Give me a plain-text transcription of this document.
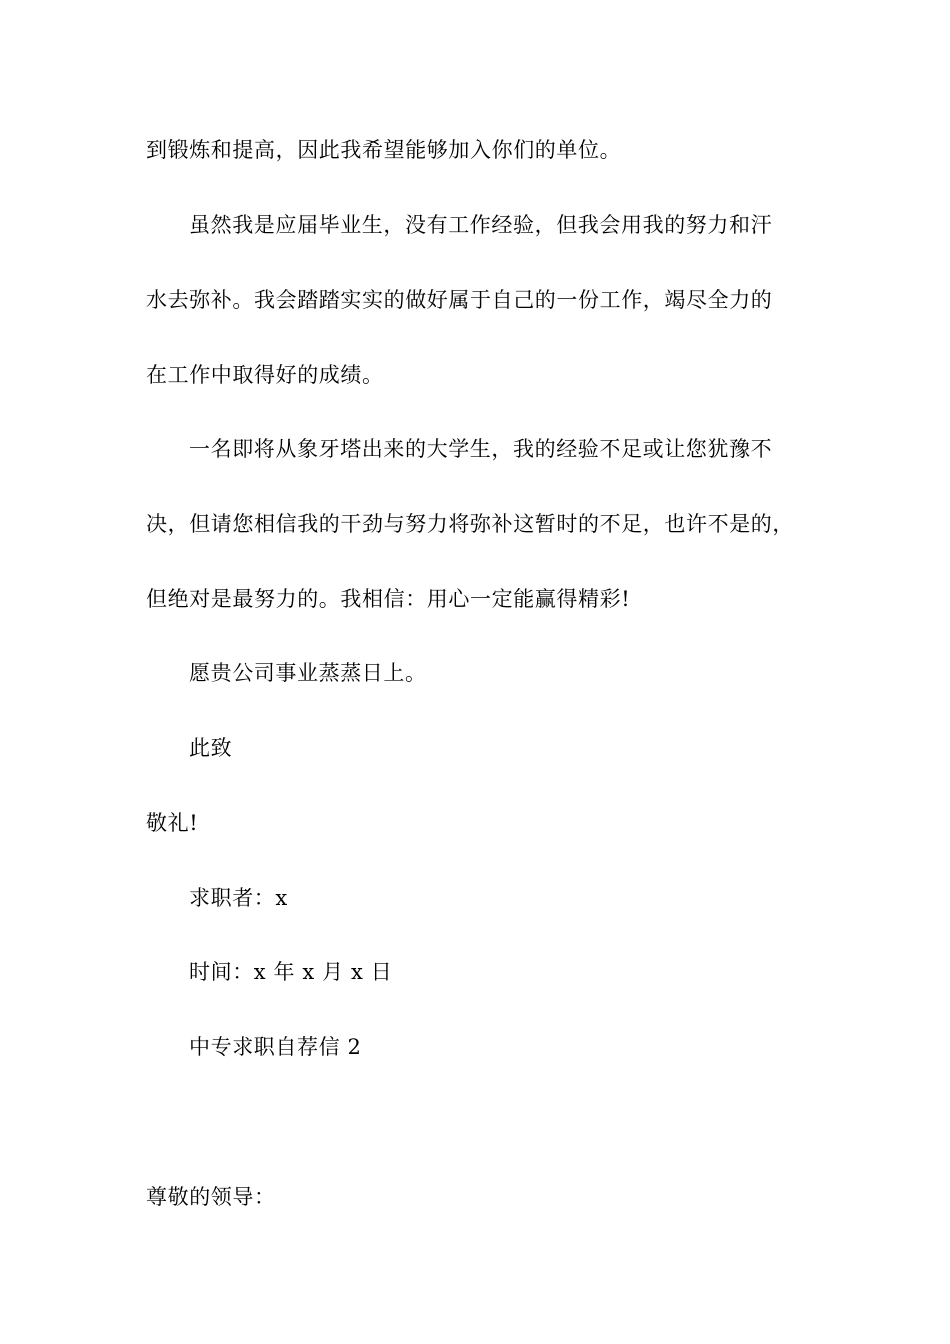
到锻炼和提高，因此我希望能够加入你们的单位。
虽然我是应届毕业生，没有工作经验，但我会用我的努力和汗
水去弥补。我会踏踏实实的做好属于自己的一份工作，竭尽全力的
在工作中取得好的成绩。
一名即将从象牙塔出来的大学生，我的经验不足或让您犹豫不
决，但请您相信我的干劲与努力将弥补这暂时的不足，也许不是的，
但绝对是最努力的。我相信：用心一定能赢得精彩!
愿贵公司事业蒸蒸日上。
此致
敬礼!
求职者：x
时间：x 年 x 月 x 日
中专求职自荐信 2
尊敬的领导：
